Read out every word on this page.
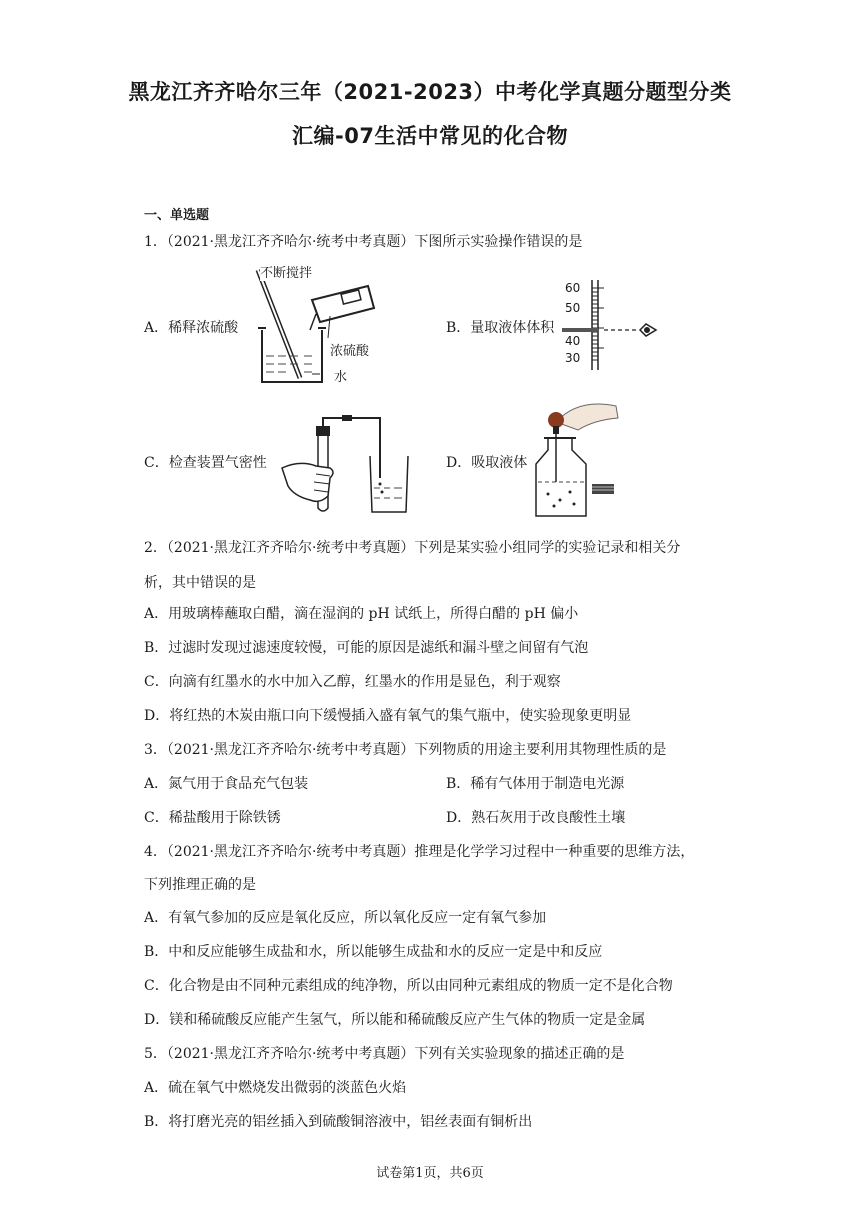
黑龙江齐齐哈尔三年（2021-2023）中考化学真题分题型分类
汇编-07生活中常见的化合物
一、单选题
1．（2021·黑龙江齐齐哈尔·统考中考真题）下图所示实验操作错误的是
A．稀释浓硫酸
不断搅拌
浓硫酸
水
B．量取液体体积
60
50
40
30
C．检查装置气密性	D．吸取液体
2．（2021·黑龙江齐齐哈尔·统考中考真题）下列是某实验小组同学的实验记录和相关分
析，其中错误的是
A．用玻璃棒蘸取白醋，滴在湿润的 pH 试纸上，所得白醋的 pH 偏小
B．过滤时发现过滤速度较慢，可能的原因是滤纸和漏斗壁之间留有气泡
C．向滴有红墨水的水中加入乙醇，红墨水的作用是显色，利于观察
D．将红热的木炭由瓶口向下缓慢插入盛有氧气的集气瓶中，使实验现象更明显
3．（2021·黑龙江齐齐哈尔·统考中考真题）下列物质的用途主要利用其物理性质的是
A．氮气用于食品充气包装	B．稀有气体用于制造电光源
C．稀盐酸用于除铁锈	D．熟石灰用于改良酸性土壤
4．（2021·黑龙江齐齐哈尔·统考中考真题）推理是化学学习过程中一种重要的思维方法，
下列推理正确的是
A．有氧气参加的反应是氧化反应，所以氧化反应一定有氧气参加
B．中和反应能够生成盐和水，所以能够生成盐和水的反应一定是中和反应
C．化合物是由不同种元素组成的纯净物，所以由同种元素组成的物质一定不是化合物
D．镁和稀硫酸反应能产生氢气，所以能和稀硫酸反应产生气体的物质一定是金属
5．（2021·黑龙江齐齐哈尔·统考中考真题）下列有关实验现象的描述正确的是
A．硫在氧气中燃烧发出微弱的淡蓝色火焰
B．将打磨光亮的铝丝插入到硫酸铜溶液中，铝丝表面有铜析出
试卷第1页，共6页
